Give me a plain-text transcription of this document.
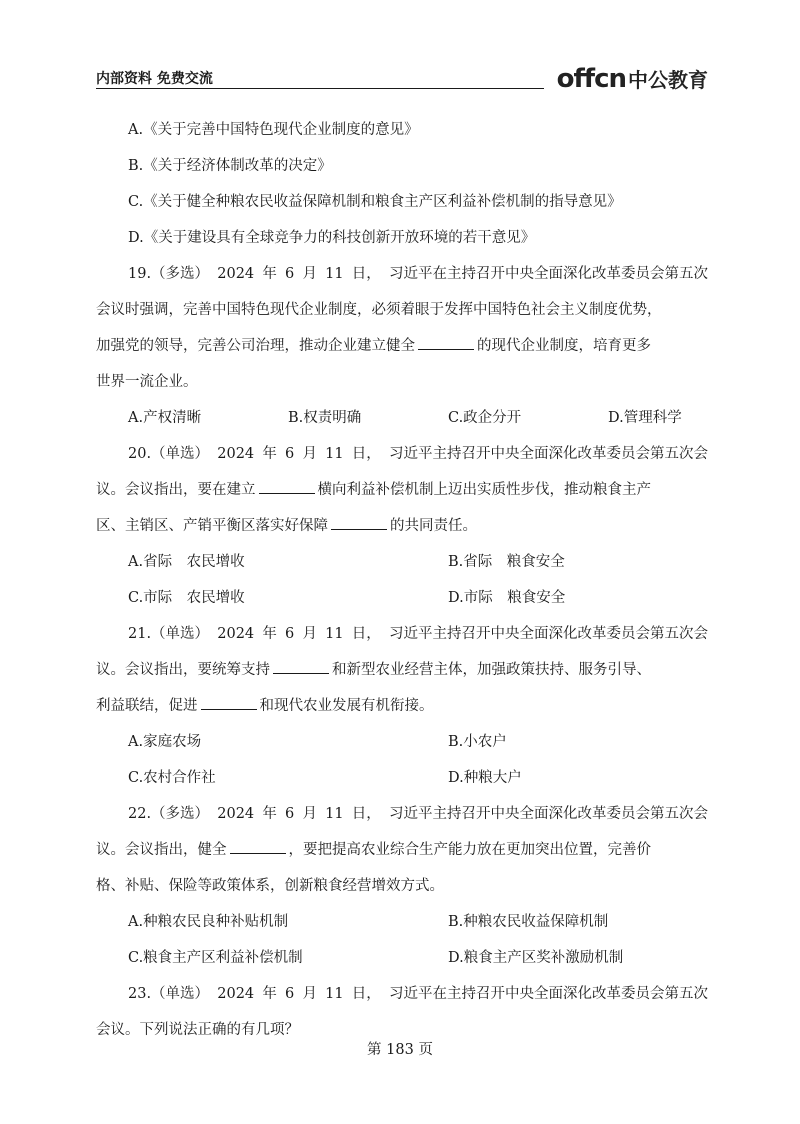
内部资料 免费交流	offcn 中公教育
A.《关于完善中国特色现代企业制度的意见》
B.《关于经济体制改革的决定》
C.《关于健全种粮农民收益保障机制和粮食主产区利益补偿机制的指导意见》
D.《关于建设具有全球竞争力的科技创新开放环境的若干意见》
19.（多选） 2024 年 6 月 11 日， 习近平在主持召开中央全面深化改革委员会第五次
会议时强调，完善中国特色现代企业制度，必须着眼于发挥中国特色社会主义制度优势，
加强党的领导，完善公司治理，推动企业建立健全	的现代企业制度，培育更多
世界一流企业。
A.产权清晰	B.权责明确	C.政企分开	D.管理科学
20.（单选） 2024 年 6 月 11 日， 习近平主持召开中央全面深化改革委员会第五次会
议。会议指出，要在建立	横向利益补偿机制上迈出实质性步伐，推动粮食主产
区、主销区、产销平衡区落实好保障	的共同责任。
A.省际　农民增收	B.省际　粮食安全
C.市际　农民增收	D.市际　粮食安全
21.（单选） 2024 年 6 月 11 日， 习近平主持召开中央全面深化改革委员会第五次会
议。会议指出，要统筹支持	和新型农业经营主体，加强政策扶持、服务引导、
利益联结，促进	和现代农业发展有机衔接。
A.家庭农场	B.小农户
C.农村合作社	D.种粮大户
22.（多选） 2024 年 6 月 11 日， 习近平主持召开中央全面深化改革委员会第五次会
议。会议指出，健全	，要把提高农业综合生产能力放在更加突出位置，完善价
格、补贴、保险等政策体系，创新粮食经营增效方式。
A.种粮农民良种补贴机制	B.种粮农民收益保障机制
C.粮食主产区利益补偿机制	D.粮食主产区奖补激励机制
23.（单选） 2024 年 6 月 11 日， 习近平在主持召开中央全面深化改革委员会第五次
会议。下列说法正确的有几项？
第 183 页
